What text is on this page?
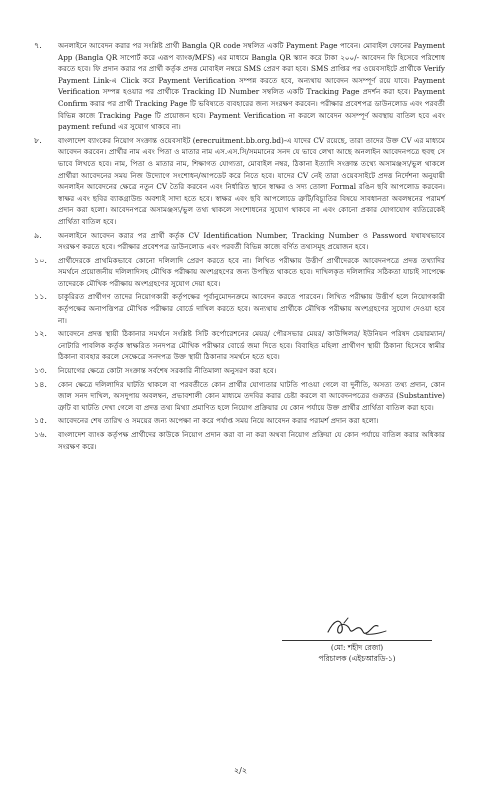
৭.	অনলাইনে আবেদন করার পর সংশ্লিষ্ট প্রার্থী Bangla QR code সম্বলিত একটি Payment Page পাবেন। মোবাইল ফোনের Payment App (Bangla QR সাপোর্ট করে এরূপ ব্যাংক/MFS) এর মাধ্যমে Bangla QR স্ক্যান করে টাকা ২০০/- আবেদন ফি হিসেবে পরিশোধ করতে হবে। ফি প্রদান করার পর প্রার্থী কর্তৃক প্রদত্ত মোবাইল নম্বরে SMS প্রেরণ করা হবে। SMS প্রাপ্তির পর ওয়েবসাইটে প্রার্থীকে Verify Payment Link-এ Click করে Payment Verification সম্পন্ন করতে হবে, অন্যথায় আবেদন অসম্পূর্ণ রয়ে যাবে। Payment Verification সম্পন্ন হওয়ার পর প্রার্থীকে Tracking ID Number সম্বলিত একটি Tracking Page প্রদর্শন করা হবে। Payment Confirm করার পর প্রার্থী Tracking Page টি ভবিষ্যতে ব্যবহারের জন্য সংরক্ষণ করবেন। পরীক্ষার প্রবেশপত্র ডাউনলোড এবং পরবর্তী বিভিন্ন কাজে Tracking Page টি প্রয়োজন হবে। Payment Verification না করলে আবেদন অসম্পূর্ণ অবস্থায় বাতিল হবে এবং payment refund এর সুযোগ থাকবে না।
৮.	বাংলাদেশ ব্যাংকের নিয়োগ সংক্রান্ত ওয়েবসাইট (erecruitment.bb.org.bd)-এ যাদের CV রয়েছে, তারা তাদের উক্ত CV এর মাধ্যমে আবেদন করবেন। প্রার্থীর নাম এবং পিতা ও মাতার নাম এস.এস.সি/সমমানের সনদ যে ভাবে লেখা আছে অনলাইন আবেদনপত্রে হুবহু সে ভাবে লিখতে হবে। নাম, পিতা ও মাতার নাম, শিক্ষাগত যোগ্যতা, মোবাইল নম্বর, ঠিকানা ইত্যাদি সংক্রান্ত তথ্যে অসামঞ্জস্য/ভুল থাকলে প্রার্থীরা আবেদনের সময় নিজ উদ্যোগে সংশোধন/আপডেট করে নিতে হবে। যাদের CV নেই তারা ওয়েবসাইটে প্রদত্ত নির্দেশনা অনুযায়ী অনলাইন আবেদনের ক্ষেত্রে নতুন CV তৈরি করবেন এবং নির্ধারিত স্থানে স্বাক্ষর ও সদ্য তোলা Formal রঙিন ছবি আপলোড করবেন। স্বাক্ষর এবং ছবির ব্যাকগ্রাউন্ড অবশ্যই সাদা হতে হবে। স্বাক্ষর এবং ছবি আপলোডে ত্রুটি/বিচ্যুতির বিষয়ে সাবধানতা অবলম্বনের পরামর্শ প্রদান করা হলো। আবেদনপত্রে অসামঞ্জস্য/ভুল তথ্য থাকলে সংশোধনের সুযোগ থাকবে না এবং কোনো প্রকার যোগাযোগ ব্যতিরেকেই প্রার্থিতা বাতিল হবে।
৯.	অনলাইনে আবেদন করার পর প্রার্থী কর্তৃক CV Identification Number, Tracking Number ও Password যথাযথভাবে সংরক্ষণ করতে হবে। পরীক্ষার প্রবেশপত্র ডাউনলোড এবং পরবর্তী বিভিন্ন কাজে বর্ণিত তথ্যসমূহ প্রয়োজন হবে।
১০.	প্রার্থীদেরকে প্রাথমিকভাবে কোনো দলিলাদি প্রেরণ করতে হবে না। লিখিত পরীক্ষায় উত্তীর্ণ প্রার্থীদেরকে আবেদনপত্রে প্রদত্ত তথ্যাদির সমর্থনে প্রয়োজনীয় দলিলাদিসহ মৌখিক পরীক্ষায় অংশগ্রহণের জন্য উপস্থিত থাকতে হবে। দাখিলকৃত দলিলাদির সঠিকতা যাচাই সাপেক্ষে তাদেরকে মৌখিক পরীক্ষায় অংশগ্রহণের সুযোগ দেয়া হবে।
১১.	চাকুরিরত প্রার্থীগণ তাদের নিয়োগকারী কর্তৃপক্ষের পূর্বানুমোদনক্রমে আবেদন করতে পারবেন। লিখিত পরীক্ষায় উত্তীর্ণ হলে নিয়োগকারী কর্তৃপক্ষের অনাপত্তিপত্র মৌখিক পরীক্ষার বোর্ডে দাখিল করতে হবে। অন্যথায় প্রার্থীকে মৌখিক পরীক্ষায় অংশগ্রহণের সুযোগ দেওয়া হবে না।
১২.	আবেদনে প্রদত্ত স্থায়ী ঠিকানার সমর্থনে সংশ্লিষ্ট সিটি কর্পোরেশনের মেয়র/ পৌরসভার মেয়র/ কাউন্সিলর/ ইউনিয়ন পরিষদ চেয়ারম্যান/ নোটারি পাবলিক কর্তৃক স্বাক্ষরিত সনদপত্র মৌখিক পরীক্ষার বোর্ডে জমা দিতে হবে। বিবাহিত মহিলা প্রার্থীগণ স্থায়ী ঠিকানা হিসেবে স্বামীর ঠিকানা ব্যবহার করলে সেক্ষেত্রে সনদপত্র উক্ত স্থায়ী ঠিকানার সমর্থনে হতে হবে।
১৩.	নিয়োগের ক্ষেত্রে কোটা সংক্রান্ত সর্বশেষ সরকারি নীতিমালা অনুসরণ করা হবে।
১৪.	কোন ক্ষেত্রে দলিলাদির ঘাটতি থাকলে বা পরবর্তীতে কোন প্রার্থীর যোগ্যতার ঘাটতি পাওয়া গেলে বা দুর্নীতি, অসত্য তথ্য প্রদান, কোন জাল সনদ দাখিল, অসদুপায় অবলম্বন, প্রভাবশালী কোন মাধ্যমে তদবির করার চেষ্টা করলে বা আবেদনপত্রের গুরুতর (Substantive) ত্রুটি বা ঘাটতি দেখা গেলে বা প্রদত্ত তথ্য মিথ্যা প্রমাণিত হলে নিয়োগ প্রক্রিয়ার যে কোন পর্যায়ে উক্ত প্রার্থীর প্রার্থিতা বাতিল করা হবে।
১৫.	আবেদনের শেষ তারিখ ও সময়ের জন্য অপেক্ষা না করে পর্যাপ্ত সময় নিয়ে আবেদন করার পরামর্শ প্রদান করা হলো।
১৬.	বাংলাদেশ ব্যাংক কর্তৃপক্ষ প্রার্থীদের কাউকে নিয়োগ প্রদান করা বা না করা অথবা নিয়োগ প্রক্রিয়া যে কোন পর্যায়ে বাতিল করার অধিকার সংরক্ষণ করে।
(মো: শহীদ রেজা)
পরিচালক (এইচআরডি-১)
২/২
